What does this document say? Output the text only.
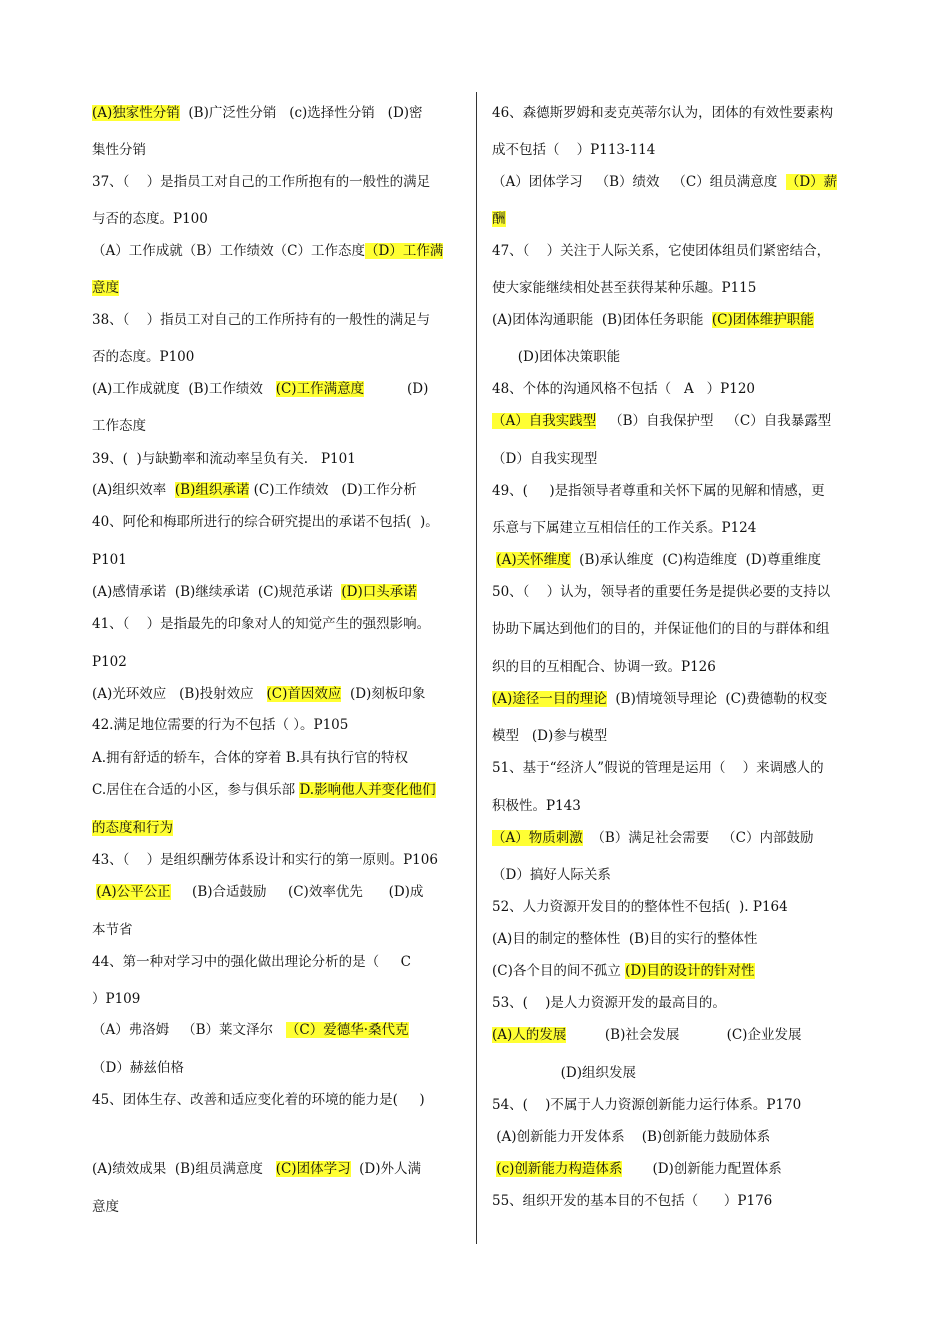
(A)独家性分销  (B)广泛性分销   (c)选择性分销   (D)密
集性分销
37、（    ）是指员工对自己的工作所抱有的一般性的满足
与否的态度。P100
（A）工作成就（B）工作绩效（C）工作态度（D）工作满
意度
38、（    ）指员工对自己的工作所持有的一般性的满足与
否的态度。P100
(A)工作成就度  (B)工作绩效   (C)工作满意度          (D)
工作态度
39、(  )与缺勤率和流动率呈负有关.   P101
(A)组织效率  (B)组织承诺 (C)工作绩效   (D)工作分析
40、阿伦和梅耶所进行的综合研究提出的承诺不包括(  )。
P101
(A)感情承诺  (B)继续承诺  (C)规范承诺  (D)口头承诺
41、（    ）是指最先的印象对人的知觉产生的强烈影响。
P102
(A)光环效应   (B)投射效应   (C)首因效应  (D)刻板印象
42.满足地位需要的行为不包括（ ）。P105
A.拥有舒适的轿车，合体的穿着 B.具有执行官的特权
C.居住在合适的小区，参与俱乐部 D.影响他人并变化他们
的态度和行为
43、（    ）是组织酬劳体系设计和实行的第一原则。P106
(A)公平公正     (B)合适鼓励     (C)效率优先      (D)成
本节省
44、第一种对学习中的强化做出理论分析的是（     C
）P109
（A）弗洛姆   （B）莱文泽尔   （C）爱德华·桑代克
（D）赫兹伯格
45、团体生存、改善和适应变化着的环境的能力是(     )
(A)绩效成果  (B)组员满意度   (C)团体学习  (D)外人满
意度
46、森德斯罗姆和麦克英蒂尔认为，团体的有效性要素构
成不包括（    ）P113-114
（A）团体学习   （B）绩效   （C）组员满意度  （D）薪
酬
47、（    ）关注于人际关系，它使团体组员们紧密结合，
使大家能继续相处甚至获得某种乐趣。P115
(A)团体沟通职能  (B)团体任务职能  (C)团体维护职能
(D)团体决策职能
48、个体的沟通风格不包括（   A   ）P120
（A）自我实践型   （B）自我保护型   （C）自我暴露型
（D）自我实现型
49、(     )是指领导者尊重和关怀下属的见解和情感，更
乐意与下属建立互相信任的工作关系。P124
(A)关怀维度  (B)承认维度  (C)构造维度  (D)尊重维度
50、（    ）认为，领导者的重要任务是提供必要的支持以
协助下属达到他们的目的，并保证他们的目的与群体和组
织的目的互相配合、协调一致。P126
(A)途径一目的理论  (B)情境领导理论  (C)费德勒的权变
模型   (D)参与模型
51、基于“经济人”假说的管理是运用（    ）来调感人的
积极性。P143
（A）物质刺激  （B）满足社会需要   （C）内部鼓励
（D）搞好人际关系
52、人力资源开发目的的整体性不包括(  ). P164
(A)目的制定的整体性  (B)目的实行的整体性
(C)各个目的间不孤立 (D)目的设计的针对性
53、(    )是人力资源开发的最高目的。
(A)人的发展         (B)社会发展           (C)企业发展
(D)组织发展
54、(    )不属于人力资源创新能力运行体系。P170
(A)创新能力开发体系    (B)创新能力鼓励体系
(c)创新能力构造体系       (D)创新能力配置体系
55、组织开发的基本目的不包括（      ）P176
